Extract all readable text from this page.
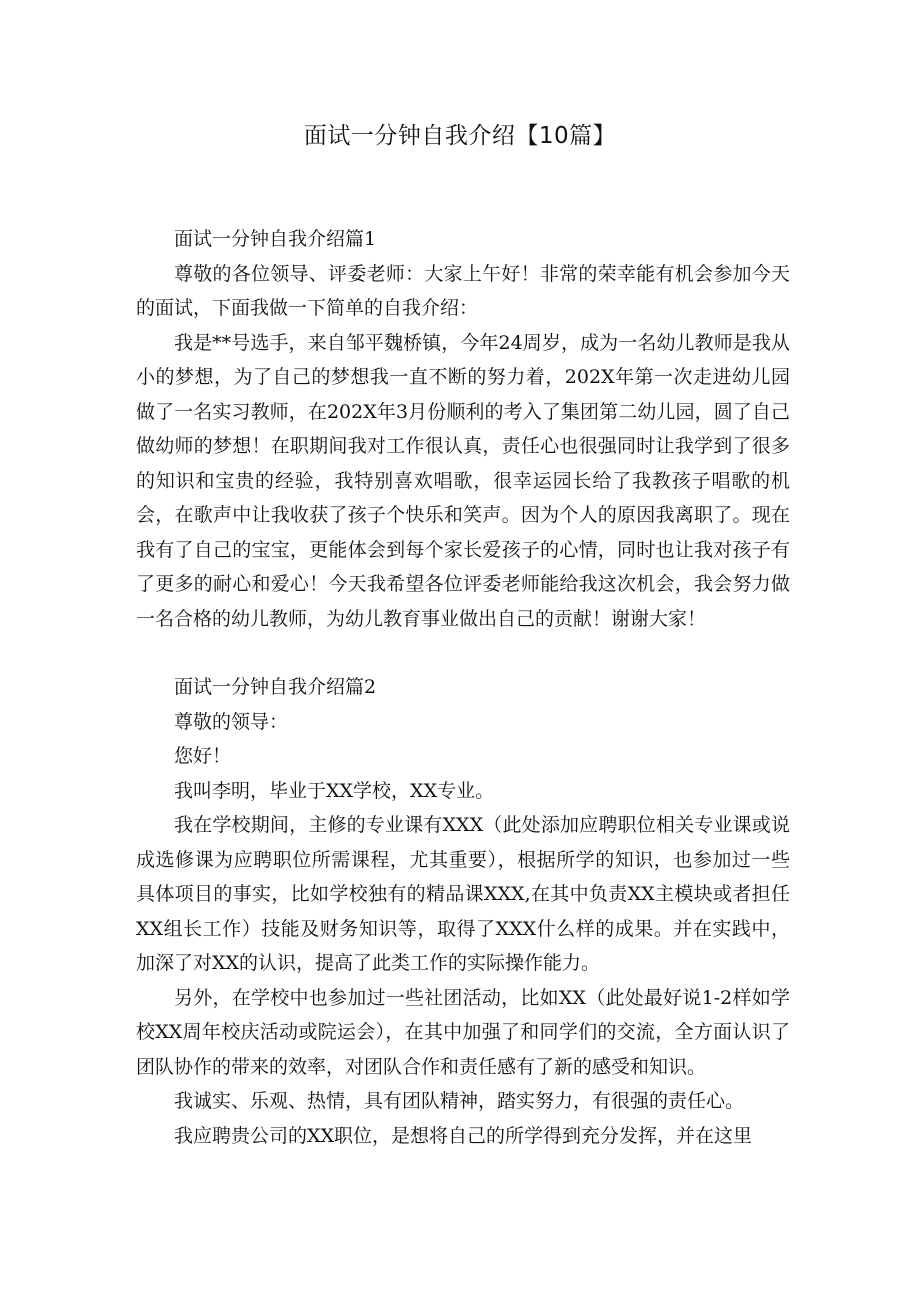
面试一分钟自我介绍【10篇】
面试一分钟自我介绍篇1

尊敬的各位领导、评委老师：大家上午好！非常的荣幸能有机会参加今天的面试，下面我做一下简单的自我介绍：

我是**号选手，来自邹平魏桥镇，今年24周岁，成为一名幼儿教师是我从小的梦想，为了自己的梦想我一直不断的努力着，202X年第一次走进幼儿园做了一名实习教师，在202X年3月份顺利的考入了集团第二幼儿园，圆了自己做幼师的梦想！在职期间我对工作很认真，责任心也很强同时让我学到了很多的知识和宝贵的经验，我特别喜欢唱歌，很幸运园长给了我教孩子唱歌的机会，在歌声中让我收获了孩子个快乐和笑声。因为个人的原因我离职了。现在我有了自己的宝宝，更能体会到每个家长爱孩子的心情，同时也让我对孩子有了更多的耐心和爱心！今天我希望各位评委老师能给我这次机会，我会努力做一名合格的幼儿教师，为幼儿教育事业做出自己的贡献！谢谢大家！

面试一分钟自我介绍篇2

尊敬的领导：

您好！

我叫李明，毕业于XX学校，XX专业。

我在学校期间，主修的专业课有XXX（此处添加应聘职位相关专业课或说成选修课为应聘职位所需课程，尤其重要），根据所学的知识，也参加过一些具体项目的事实，比如学校独有的精品课XXX,在其中负责XX主模块或者担任XX组长工作）技能及财务知识等，取得了XXX什么样的成果。并在实践中，加深了对XX的认识，提高了此类工作的实际操作能力。

另外，在学校中也参加过一些社团活动，比如XX（此处最好说1-2样如学校XX周年校庆活动或院运会），在其中加强了和同学们的交流，全方面认识了团队协作的带来的效率，对团队合作和责任感有了新的感受和知识。

我诚实、乐观、热情，具有团队精神，踏实努力，有很强的责任心。

我应聘贵公司的XX职位，是想将自己的所学得到充分发挥，并在这里
